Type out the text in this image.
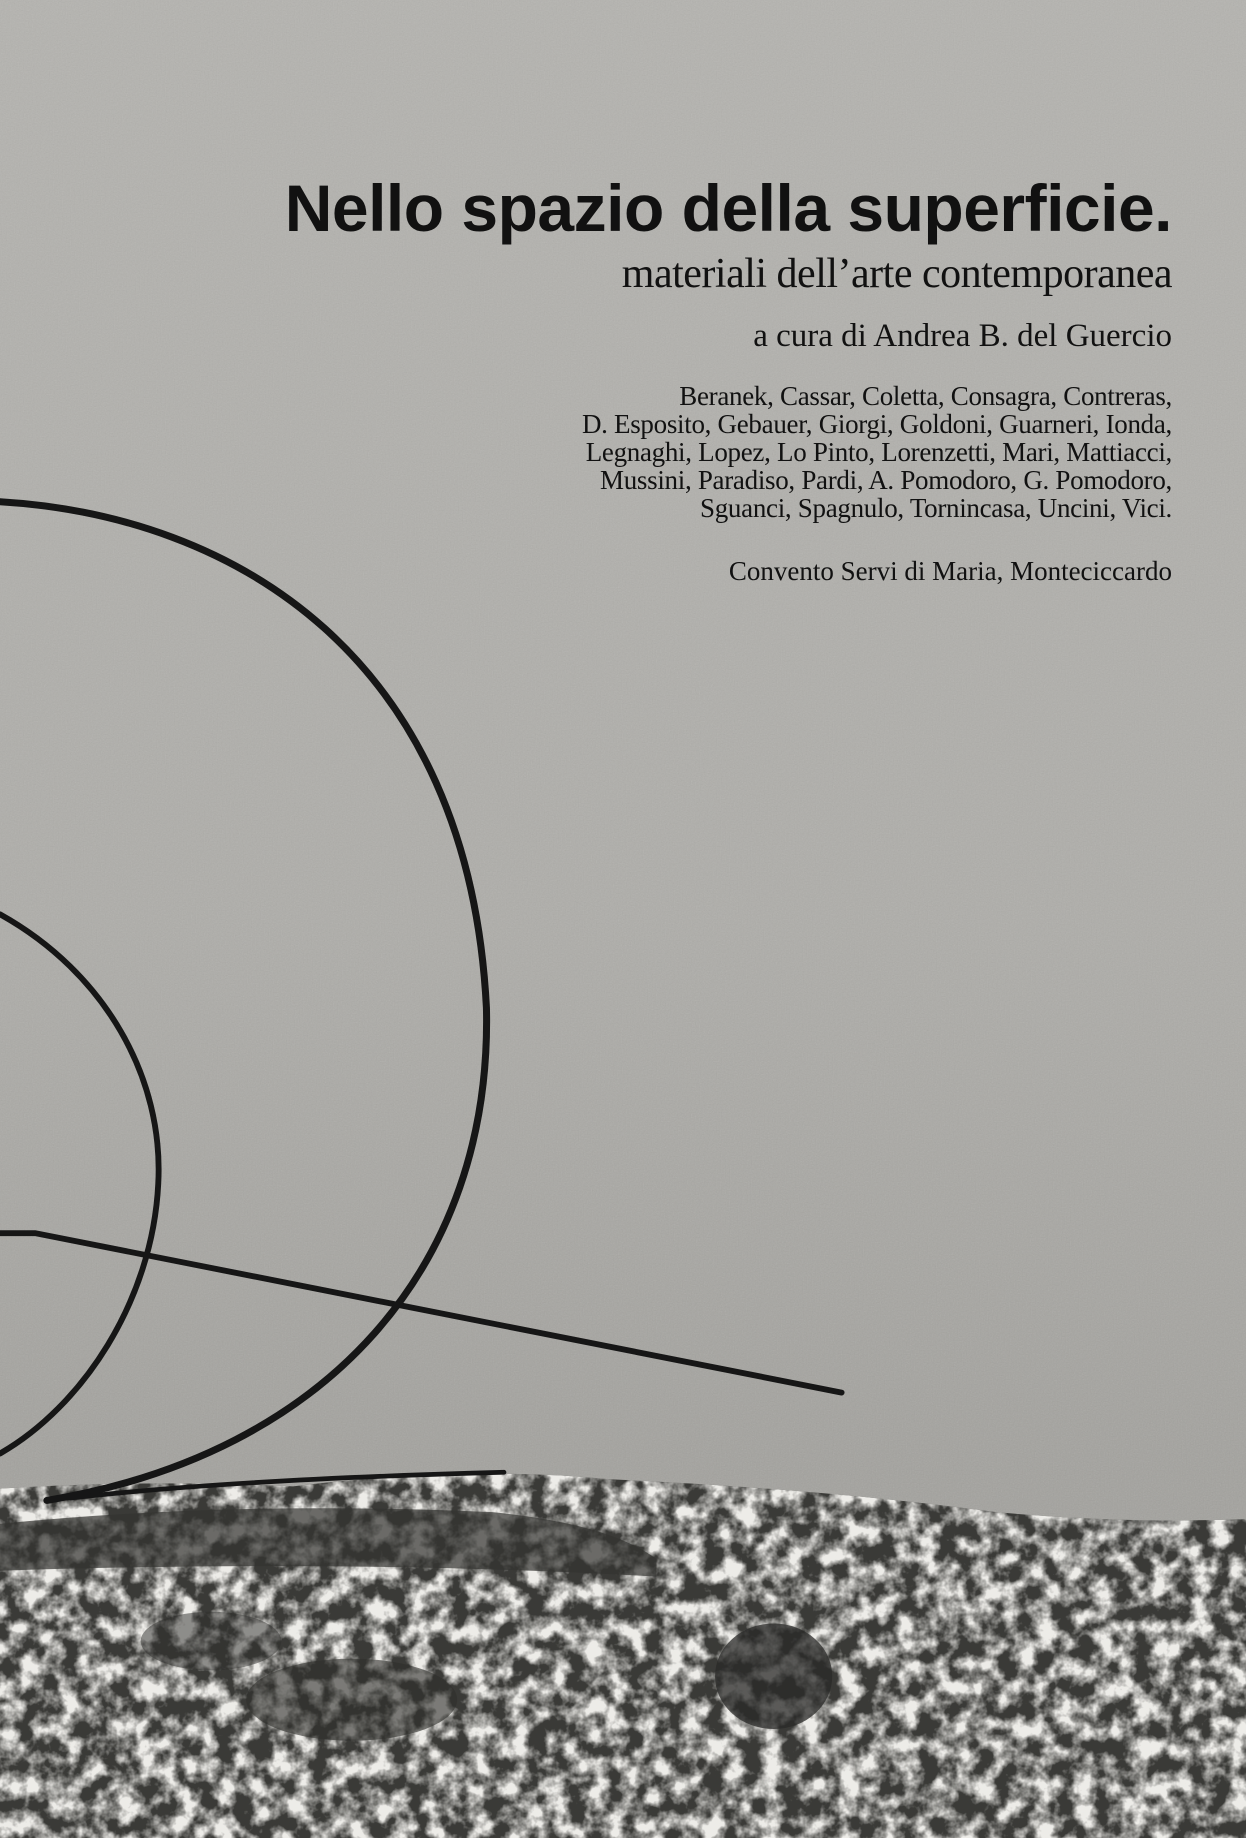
Nello spazio della superficie.
materiali dell’arte contemporanea
a cura di Andrea B. del Guercio
Beranek, Cassar, Coletta, Consagra, Contreras,
D. Esposito, Gebauer, Giorgi, Goldoni, Guarneri, Ionda,
Legnaghi, Lopez, Lo Pinto, Lorenzetti, Mari, Mattiacci,
Mussini, Paradiso, Pardi, A. Pomodoro, G. Pomodoro,
Sguanci, Spagnulo, Tornincasa, Uncini, Vici.
Convento Servi di Maria, Monteciccardo
